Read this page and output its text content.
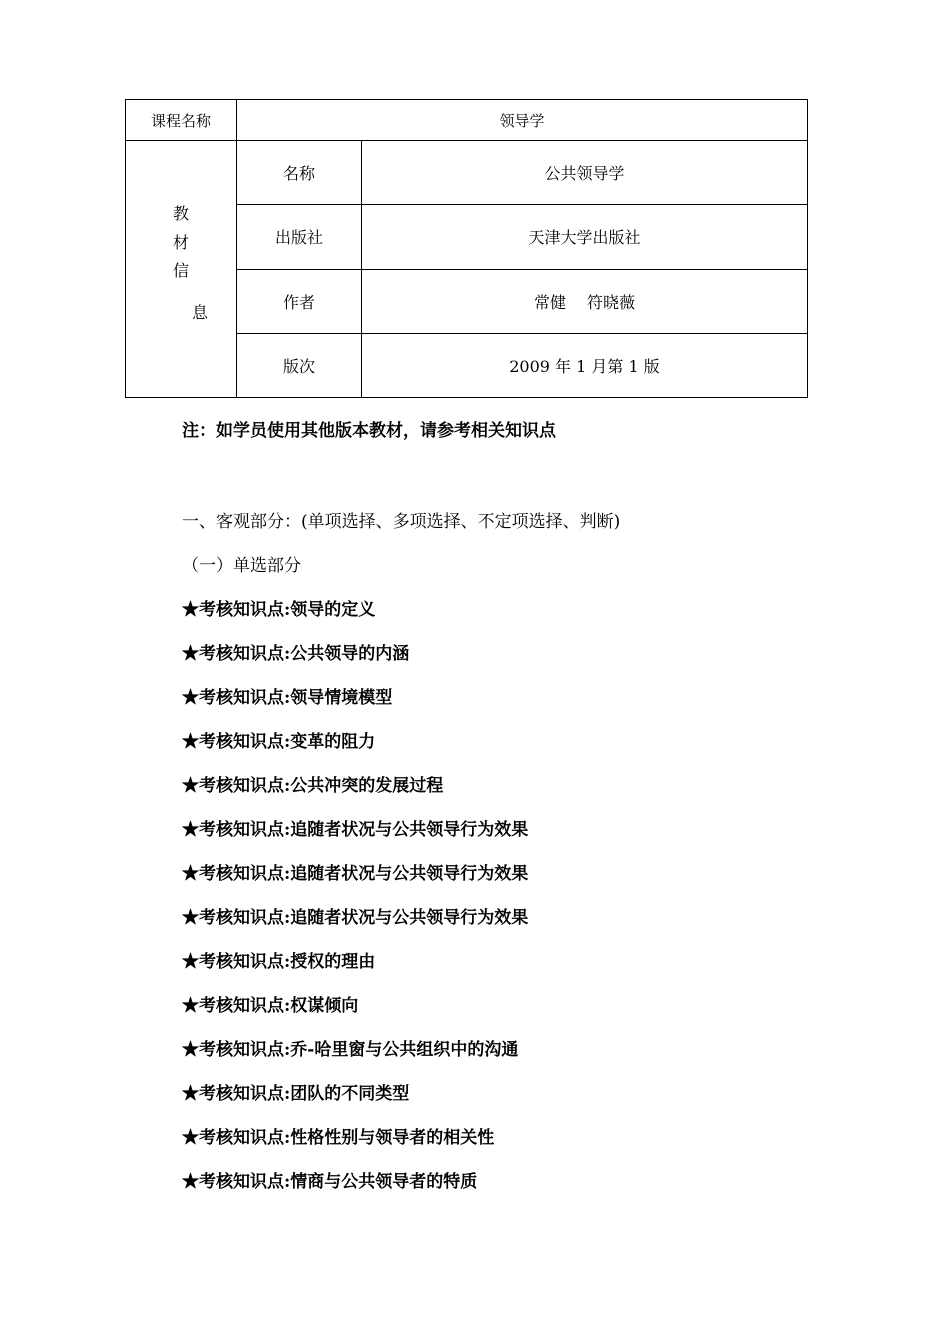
课程名称	领导学	

教
材
信
息	名称	公共领导学
	出版社	天津大学出版社
	作者	常健　 符晓薇
	版次	2009 年 1 月第 1 版
注：如学员使用其他版本教材，请参考相关知识点
一、客观部分：(单项选择、多项选择、不定项选择、判断)
（一）单选部分
★考核知识点:领导的定义
★考核知识点:公共领导的内涵
★考核知识点:领导情境模型
★考核知识点:变革的阻力
★考核知识点:公共冲突的发展过程
★考核知识点:追随者状况与公共领导行为效果
★考核知识点:追随者状况与公共领导行为效果
★考核知识点:追随者状况与公共领导行为效果
★考核知识点:授权的理由
★考核知识点:权谋倾向
★考核知识点:乔-哈里窗与公共组织中的沟通
★考核知识点:团队的不同类型
★考核知识点:性格性别与领导者的相关性
★考核知识点:情商与公共领导者的特质
